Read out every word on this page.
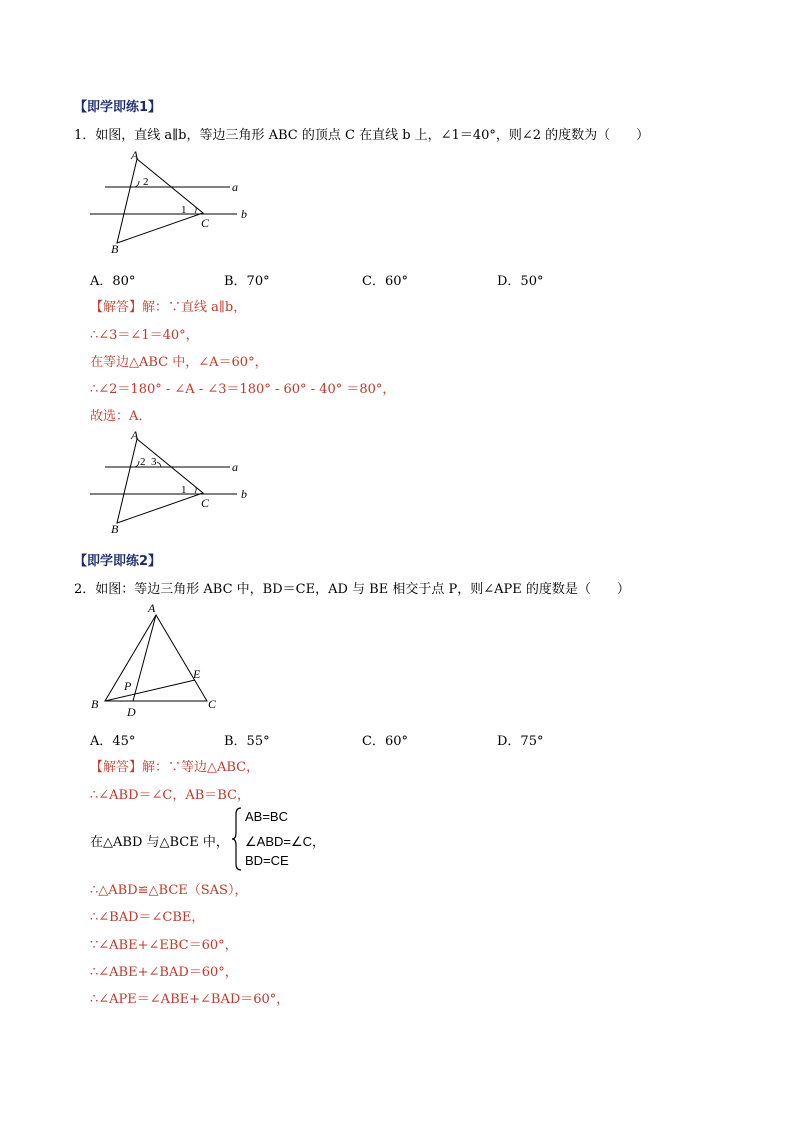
【即学即练1】
1．如图，直线 a∥b，等边三角形 ABC 的顶点 C 在直线 b 上，∠1＝40°，则∠2 的度数为（　　）
A
B
C
a
b
1
2
A．80°	B．70°	C．60°	D．50°
【解答】解：∵直线 a∥b，
∴∠3＝∠1＝40°，
在等边△ABC 中，∠A＝60°，
∴∠2＝180° - ∠A - ∠3＝180° - 60° - 40° ＝80°，
故选：A．
A
B
C
a
b
1
2 3
【即学即练2】
2．如图：等边三角形 ABC 中，BD＝CE，AD 与 BE 相交于点 P，则∠APE 的度数是（　　）
A
B	C
D
E
P
A．45°	B．55°	C．60°	D．75°
【解答】解：∵等边△ABC，
∴∠ABD＝∠C，AB＝BC，
在△ABD 与△BCE 中，
AB=BC
∠ABD=∠C，
BD=CE
∴△ABD≌△BCE（SAS），
∴∠BAD＝∠CBE，
∵∠ABE+∠EBC＝60°，
∴∠ABE+∠BAD＝60°，
∴∠APE＝∠ABE+∠BAD＝60°，
